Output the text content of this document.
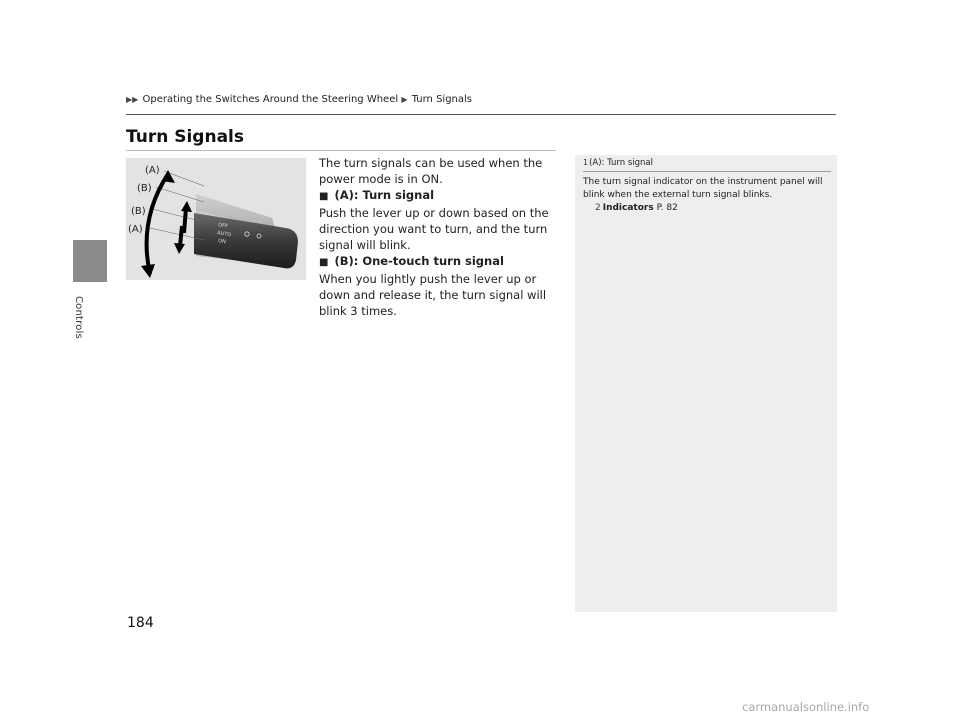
Controls
▶▶ Operating the Switches Around the Steering Wheel ▶ Turn Signals
Turn Signals
OFF
AUTO
ON
(A)
(B)
(B)
(A)

The turn signals can be used when the power mode is in ON.

■ (A): Turn signal

Push the lever up or down based on the direction you want to turn, and the turn signal will blink.

■ (B): One-touch turn signal

When you lightly push the lever up or down and release it, the turn signal will blink 3 times.

1(A): Turn signal
The turn signal indicator on the instrument panel will blink when the external turn signal blinks.
2 Indicators P. 82
184
carmanualsonline.info
